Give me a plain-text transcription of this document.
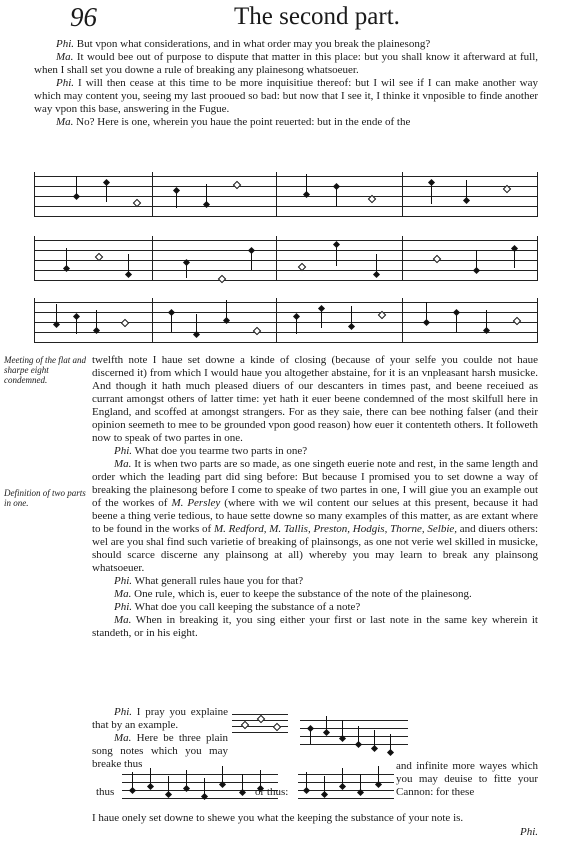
96	The second part.

Phi. But vpon what considerations, and in what order may you break the plainesong?

Ma. It would bee out of purpose to dispute that matter in this place: but you shall know it afterward at full, when I shall set you downe a rule of breaking any plainesong whatsoeuer.

Phi. I will then cease at this time to be more inquisitiue thereof: but I wil see if I can make another way which may content you, seeing my last prooued so bad: but now that I see it, I thinke it vnposible to finde another way vpon this base, answering in the Fugue.

Ma. No? Here is one, wherein you haue the point reuerted: but in the ende of the

Meeting of the flat and sharpe eight condemned.
Definition of two parts in one.

twelfth note I haue set downe a kinde of closing (because of your selfe you coulde not haue discerned it) from which I would haue you altogether abstaine, for it is an vnpleasant harsh musicke. And though it hath much pleased diuers of our descanters in times past, and beene receiued as currant amongst others of latter time: yet hath it euer beene condemned of the most skilfull here in England, and scoffed at amongst strangers. For as they saie, there can bee nothing falser (and their opinion seemeth to mee to be grounded vpon good reason) how euer it contenteth others. It followeth now to speak of two partes in one.

Phi. What doe you tearme two parts in one?

Ma. It is when two parts are so made, as one singeth euerie note and rest, in the same length and order which the leading part did sing before: But because I promised you to set downe a way of breaking the plainesong before I come to speake of two partes in one, I will giue you an example out of the workes of M. Persley (where with we wil content our selues at this present, because it had beene a thing verie tedious, to haue sette downe so many examples of this matter, as are extant where to be found in the works of M. Redford, M. Tallis, Preston, Hodgis, Thorne, Selbie, and diuers others: wel are you shal find such varietie of breaking of plainsongs, as one not verie wel skilled in musicke, should scarce discerne any plainsong at all) whereby you may learn to break any plainsong whatsoeuer.

Phi. What generall rules haue you for that?

Ma. One rule, which is, euer to keepe the substance of the note of the plainesong.

Phi. What doe you call keeping the substance of a note?

Ma. When in breaking it, you sing either your first or last note in the same key wherein it standeth, or in his eight.

Phi. I pray you explaine that by an example.

Ma. Here be three plain song notes which you may breake thus

thus	or thus:
and infinite more wayes which you may deuise to fitte your Cannon: for these
I haue onely set downe to shewe you what the keeping the substance of your note is.
Phi.
